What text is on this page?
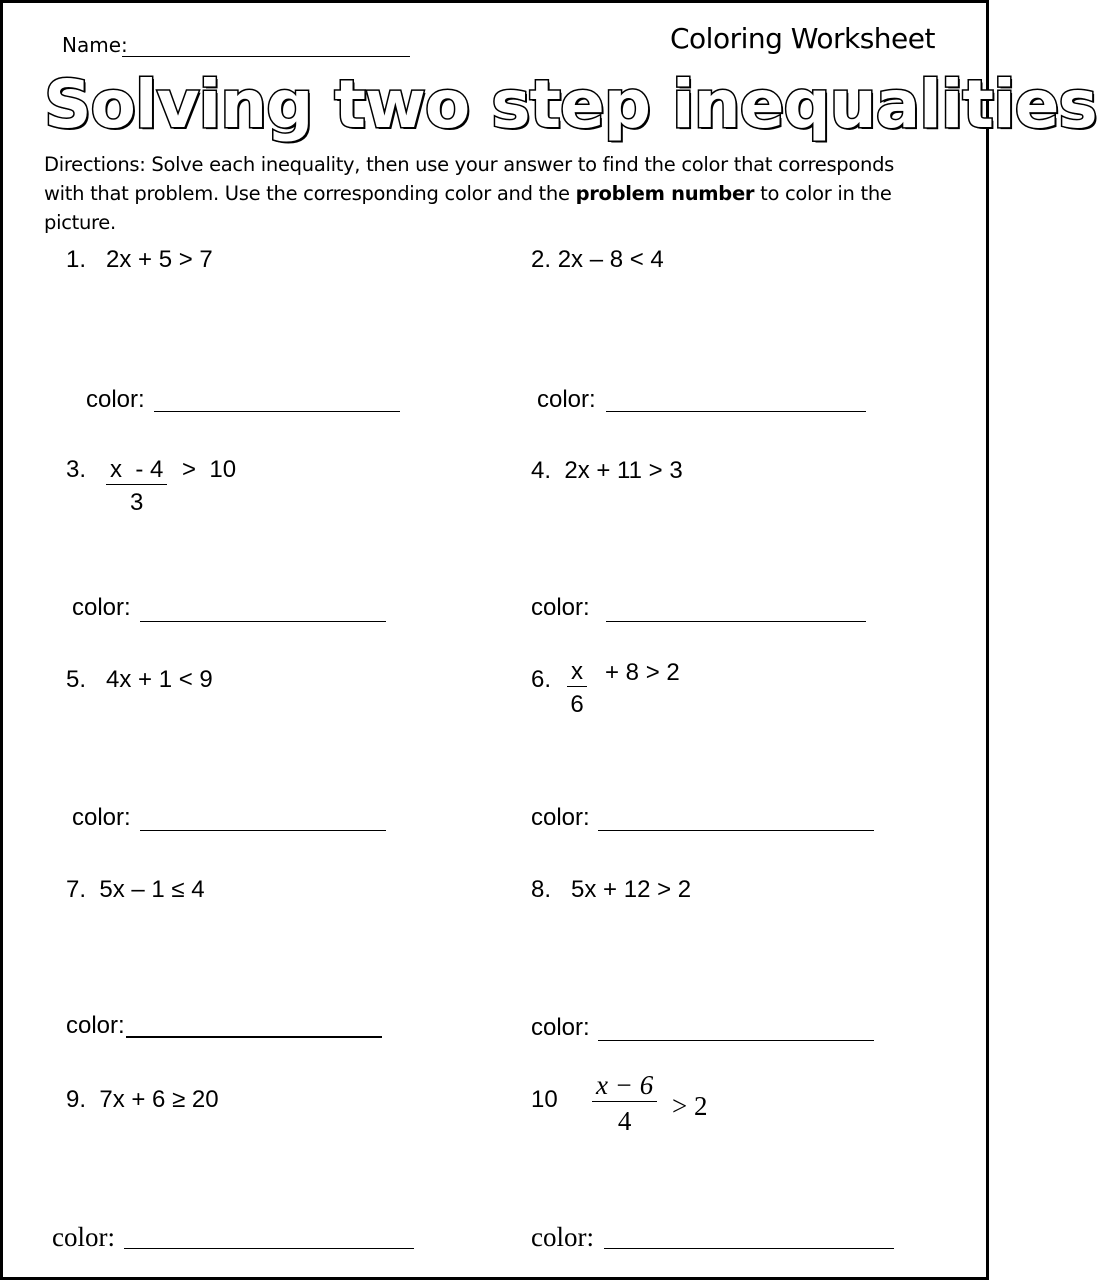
Name:	Coloring Worksheet
Solving two step inequalities
Directions: Solve each inequality, then use your answer to find the color that corresponds with that problem. Use the corresponding color and the problem number to color in the picture.
1. 2x + 5 > 7
color:
2. 2x – 8 < 4
color:
3. $\frac{x - 4}{3} > 10$
color:
4. 2x + 11 > 3
color:
5. 4x + 1 < 9
color:
6. $\frac{x}{6} + 8 > 2$
color:
7. 5x – 1 ≤ 4
color:
8. 5x + 12 > 2
color:
9. 7x + 6 ≥ 20
color:
$10 \frac{x - 6}{4} > 2$
color:
